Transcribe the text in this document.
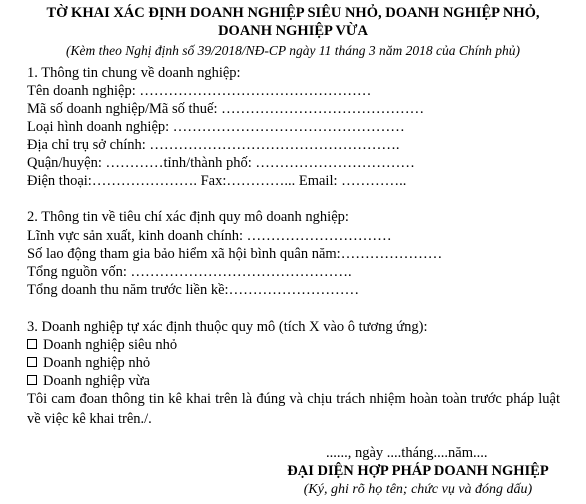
TỜ KHAI XÁC ĐỊNH DOANH NGHIỆP SIÊU NHỎ, DOANH NGHIỆP NHỎ,
DOANH NGHIỆP VỪA
(Kèm theo Nghị định số 39/2018/NĐ-CP ngày 11 tháng 3 năm 2018 của Chính phủ)
1. Thông tin chung về doanh nghiệp:
Tên doanh nghiệp: …………………………………………
Mã số doanh nghiệp/Mã số thuế: ……………………………………
Loại hình doanh nghiệp: …………………………………………
Địa chỉ trụ sở chính: …………………………………………….
Quận/huyện: …………tỉnh/thành phố: ……………………………
Điện thoại:…………………. Fax:…………... Email: …………..
2. Thông tin về tiêu chí xác định quy mô doanh nghiệp:
Lĩnh vực sản xuất, kinh doanh chính: …………………………
Số lao động tham gia bảo hiểm xã hội bình quân năm:…………………
Tổng nguồn vốn: ……………………………………….
Tổng doanh thu năm trước liền kề:………………………
3. Doanh nghiệp tự xác định thuộc quy mô (tích X vào ô tương ứng):
Doanh nghiệp siêu nhỏ
Doanh nghiệp nhỏ
Doanh nghiệp vừa
Tôi cam đoan thông tin kê khai trên là đúng và chịu trách nhiệm hoàn toàn trước pháp luật về việc kê khai trên./.
......, ngày ....tháng....năm....
ĐẠI DIỆN HỢP PHÁP DOANH NGHIỆP
(Ký, ghi rõ họ tên; chức vụ và đóng dấu)
